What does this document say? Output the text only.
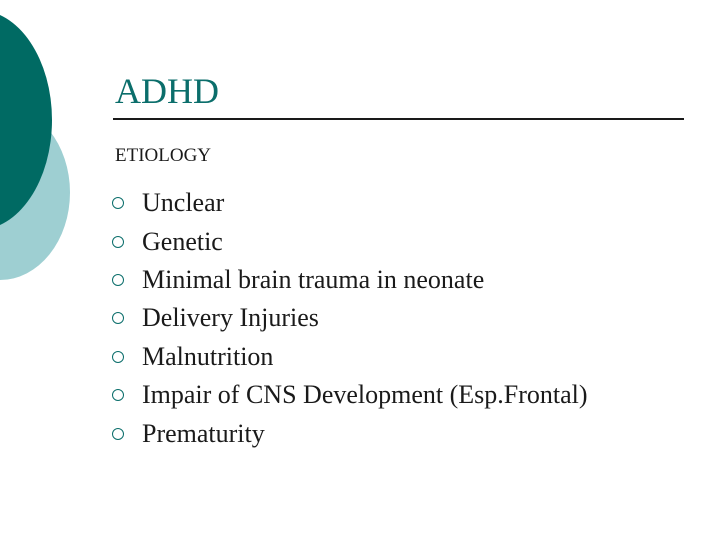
ADHD
ETIOLOGY
Unclear
Genetic
Minimal brain trauma in neonate
Delivery Injuries
Malnutrition
Impair of CNS Development (Esp.Frontal)
Prematurity
